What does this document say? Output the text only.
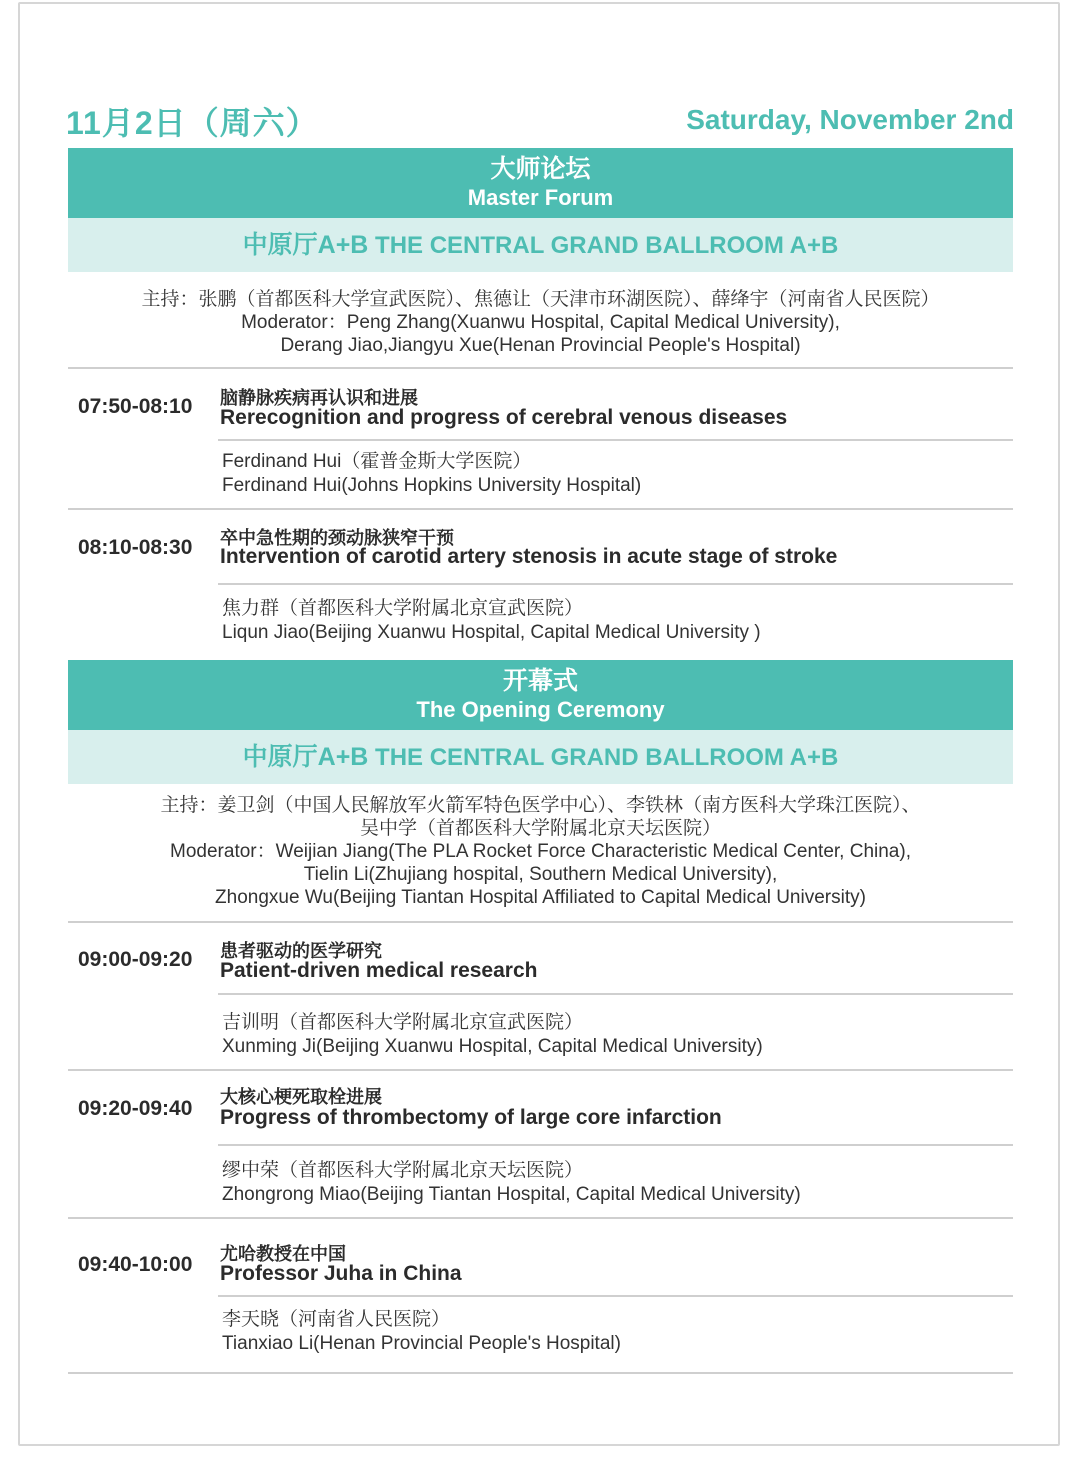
11月2日（周六）	Saturday, November 2nd
大师论坛
Master Forum
中原厅A+B THE CENTRAL GRAND BALLROOM A+B
主持：张鹏（首都医科大学宣武医院）、焦德让（天津市环湖医院）、薛绛宇（河南省人民医院）
Moderator：Peng Zhang(Xuanwu Hospital, Capital Medical University),
Derang Jiao,Jiangyu Xue(Henan Provincial People's Hospital)
07:50-08:10 脑静脉疾病再认识和进展
Rerecognition and progress of cerebral venous diseases
Ferdinand Hui（霍普金斯大学医院）
Ferdinand Hui(Johns Hopkins University Hospital)
08:10-08:30 卒中急性期的颈动脉狭窄干预
Intervention of carotid artery stenosis in acute stage of stroke
焦力群（首都医科大学附属北京宣武医院）
Liqun Jiao(Beijing Xuanwu Hospital, Capital Medical University )
开幕式
The Opening Ceremony
中原厅A+B THE CENTRAL GRAND BALLROOM A+B
主持：姜卫剑（中国人民解放军火箭军特色医学中心）、李铁林（南方医科大学珠江医院）、
吴中学（首都医科大学附属北京天坛医院）
Moderator：Weijian Jiang(The PLA Rocket Force Characteristic Medical Center, China),
Tielin Li(Zhujiang hospital, Southern Medical University),
Zhongxue Wu(Beijing Tiantan Hospital Affiliated to Capital Medical University)
09:00-09:20 患者驱动的医学研究
Patient-driven medical research
吉训明（首都医科大学附属北京宣武医院）
Xunming Ji(Beijing Xuanwu Hospital, Capital Medical University)
09:20-09:40 大核心梗死取栓进展
Progress of thrombectomy of large core infarction
缪中荣（首都医科大学附属北京天坛医院）
Zhongrong Miao(Beijing Tiantan Hospital, Capital Medical University)
09:40-10:00 尤哈教授在中国
Professor Juha in China
李天晓（河南省人民医院）
Tianxiao Li(Henan Provincial People's Hospital)
